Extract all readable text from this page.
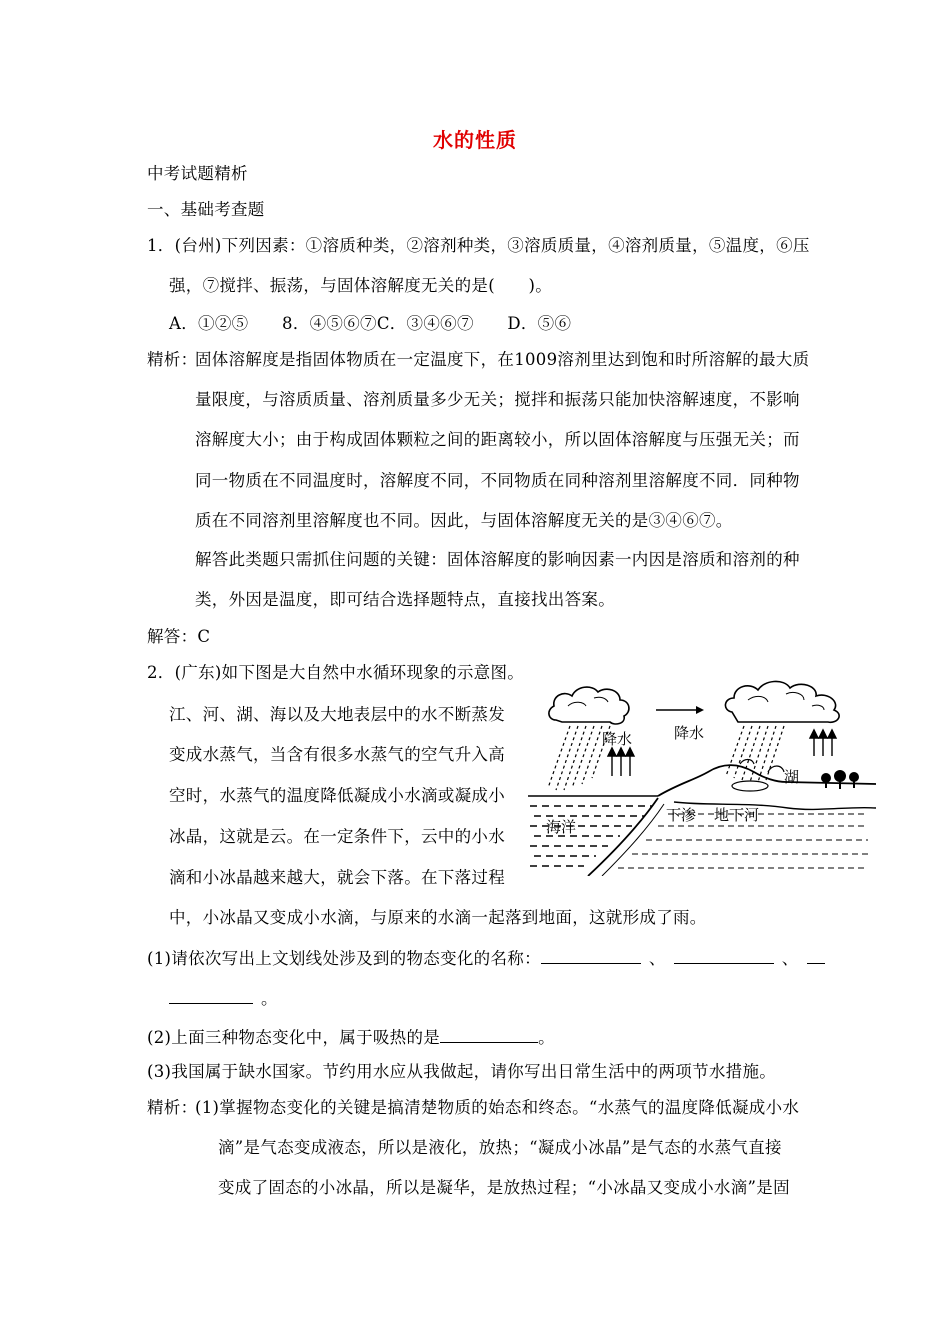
水的性质
中考试题精析
一、基础考查题
1．(台州)下列因素：①溶质种类，②溶剂种类，③溶质质量，④溶剂质量，⑤温度，⑥压
强，⑦搅拌、振荡，与固体溶解度无关的是(　　)。
A．①②⑤　　8．④⑤⑥⑦C．③④⑥⑦　　D．⑤⑥
精析：
固体溶解度是指固体物质在一定温度下，在1009溶剂里达到饱和时所溶解的最大质
量限度，与溶质质量、溶剂质量多少无关；搅拌和振荡只能加快溶解速度，不影响
溶解度大小；由于构成固体颗粒之间的距离较小，所以固体溶解度与压强无关；而
同一物质在不同温度时，溶解度不同，不同物质在同种溶剂里溶解度不同．同种物
质在不同溶剂里溶解度也不同。因此，与固体溶解度无关的是③④⑥⑦。
解答此类题只需抓住问题的关键：固体溶解度的影响因素一内因是溶质和溶剂的种
类，外因是温度，即可结合选择题特点，直接找出答案。
解答：C
2．(广东)如下图是大自然中水循环现象的示意图。
江、河、湖、海以及大地表层中的水不断蒸发
变成水蒸气，当含有很多水蒸气的空气升入高
空时，水蒸气的温度降低凝成小水滴或凝成小
冰晶，这就是云。在一定条件下，云中的小水
滴和小冰晶越来越大，就会下落。在下落过程
中，小冰晶又变成小水滴，与原来的水滴一起落到地面，这就形成了雨。
降水	降水
海洋
下渗 地下河
湖
(1)请依次写出上文划线处涉及到的物态变化的名称：	、	、
。
(2)上面三种物态变化中，属于吸热的是	。
(3)我国属于缺水国家。节约用水应从我做起，请你写出日常生活中的两项节水措施。
精析：
(1)掌握物态变化的关键是搞清楚物质的始态和终态。“水蒸气的温度降低凝成小水
滴”是气态变成液态，所以是液化，放热；“凝成小冰晶”是气态的水蒸气直接
变成了固态的小冰晶，所以是凝华，是放热过程；“小冰晶又变成小水滴”是固
